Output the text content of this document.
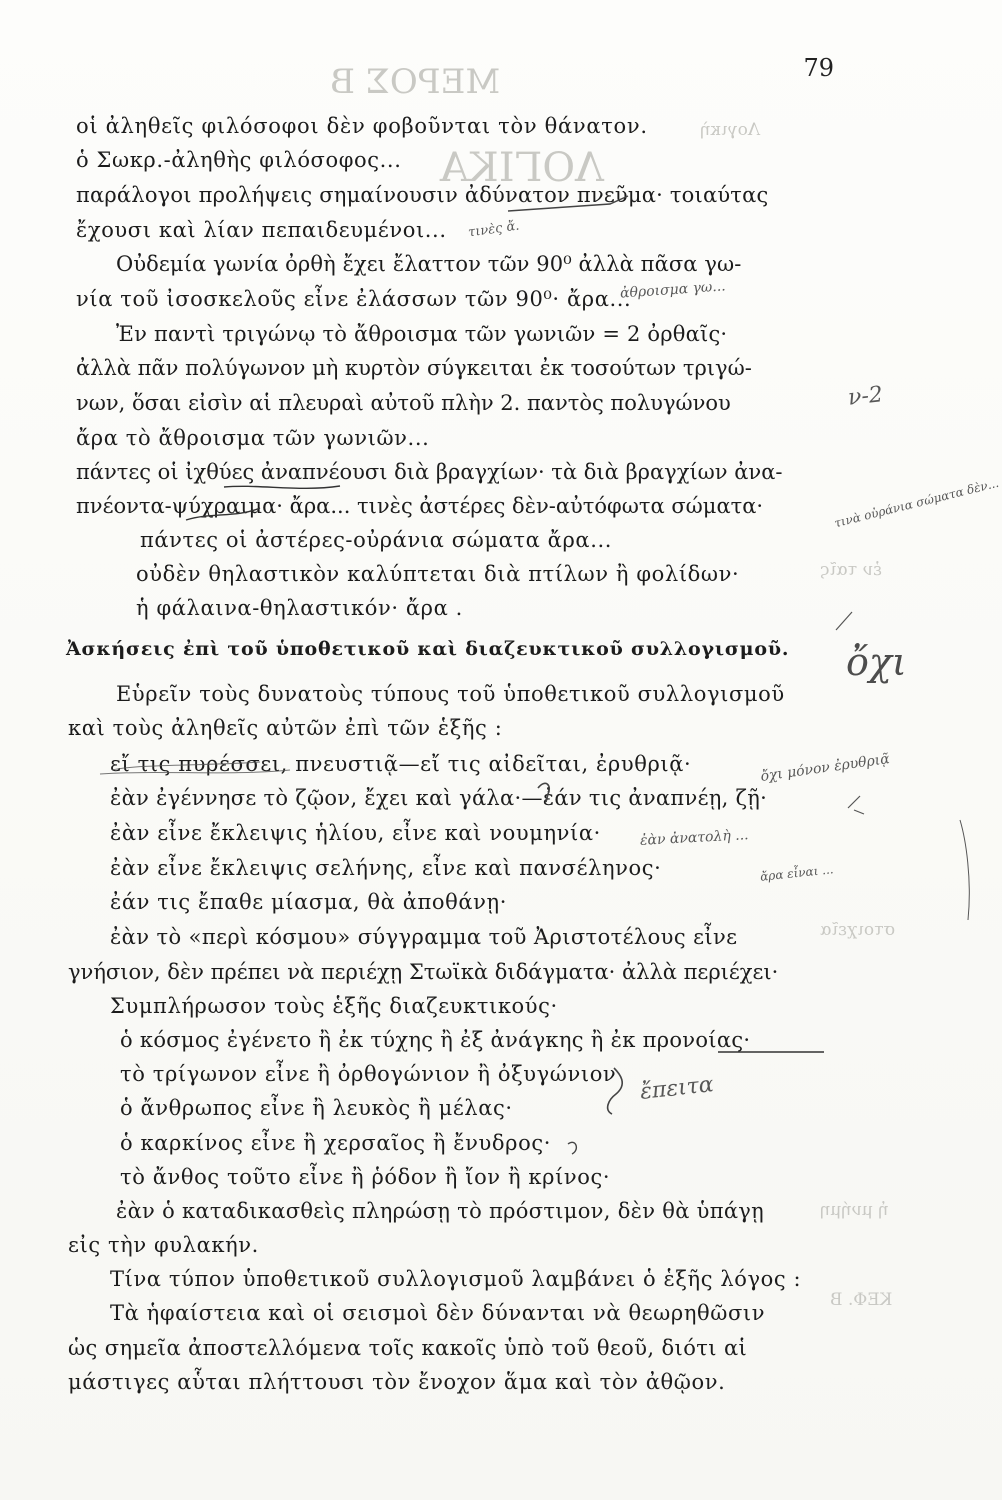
ΜΕΡΟΣ Β
ΛΟΓΙΚΑ
Λογικὴ
ἐν ταῖς
στοιχεῖα
ἡ μνήμη
ΚΕΦ. Β
79
οἱ ἀληθεῖς φιλόσοφοι δὲν φοβοῦνται τὸν θάνατον.
ὁ Σωκρ.-ἀληθὴς φιλόσοφος...
παράλογοι προλήψεις σημαίνουσιν ἀδύνατον πνεῦμα· τοιαύτας
ἔχουσι καὶ λίαν πεπαιδευμένοι...
Οὐδεμία γωνία ὀρθὴ ἔχει ἔλαττον τῶν 90⁰ ἀλλὰ πᾶσα γω-
νία τοῦ ἰσοσκελοῦς εἶνε ἐλάσσων τῶν 90⁰· ἄρα...
Ἐν παντὶ τριγώνῳ τὸ ἄθροισμα τῶν γωνιῶν = 2 ὀρθαῖς·
ἀλλὰ πᾶν πολύγωνον μὴ κυρτὸν σύγκειται ἐκ τοσούτων τριγώ-
νων, ὅσαι εἰσὶν αἱ πλευραὶ αὐτοῦ πλὴν 2. παντὸς πολυγώνου
ἄρα τὸ ἄθροισμα τῶν γωνιῶν...
πάντες οἱ ἰχθύες ἀναπνέουσι διὰ βραγχίων· τὰ διὰ βραγχίων ἀνα-
πνέοντα-ψύχραιμα· ἄρα... τινὲς ἀστέρες δὲν-αὐτόφωτα σώματα·
πάντες οἱ ἀστέρες-οὐράνια σώματα ἄρα...
οὐδὲν θηλαστικὸν καλύπτεται διὰ πτίλων ἢ φολίδων·
ἡ φάλαινα-θηλαστικόν· ἄρα .
Ἀσκήσεις ἐπὶ τοῦ ὑποθετικοῦ καὶ διαζευκτικοῦ συλλογισμοῦ.
Εὑρεῖν τοὺς δυνατοὺς τύπους τοῦ ὑποθετικοῦ συλλογισμοῦ
καὶ τοὺς ἀληθεῖς αὐτῶν ἐπὶ τῶν ἑξῆς :
εἴ τις πυρέσσει, πνευστιᾷ—εἴ τις αἰδεῖται, ἐρυθριᾷ·
ἐὰν ἐγέννησε τὸ ζῷον, ἔχει καὶ γάλα·—ἐάν τις ἀναπνέῃ, ζῇ·
ἐὰν εἶνε ἔκλειψις ἡλίου, εἶνε καὶ νουμηνία·
ἐὰν εἶνε ἔκλειψις σελήνης, εἶνε καὶ πανσέληνος·
ἐάν τις ἔπαθε μίασμα, θὰ ἀποθάνῃ·
ἐὰν τὸ «περὶ κόσμου» σύγγραμμα τοῦ Ἀριστοτέλους εἶνε
γνήσιον, δὲν πρέπει νὰ περιέχῃ Στωϊκὰ διδάγματα· ἀλλὰ περιέχει·
Συμπλήρωσον τοὺς ἑξῆς διαζευκτικούς·
ὁ κόσμος ἐγένετο ἢ ἐκ τύχης ἢ ἐξ ἀνάγκης ἢ ἐκ προνοίας·
τὸ τρίγωνον εἶνε ἢ ὀρθογώνιον ἢ ὀξυγώνιον
ὁ ἄνθρωπος εἶνε ἢ λευκὸς ἢ μέλας·
ὁ καρκίνος εἶνε ἢ χερσαῖος ἢ ἔνυδρος·
τὸ ἄνθος τοῦτο εἶνε ἢ ῥόδον ἢ ἴον ἢ κρίνος·
ἐὰν ὁ καταδικασθεὶς πληρώσῃ τὸ πρόστιμον, δὲν θὰ ὑπάγῃ
εἰς τὴν φυλακήν.
Τίνα τύπον ὑποθετικοῦ συλλογισμοῦ λαμβάνει ὁ ἑξῆς λόγος :
Τὰ ἡφαίστεια καὶ οἱ σεισμοὶ δὲν δύνανται νὰ θεωρηθῶσιν
ὡς σημεῖα ἀποστελλόμενα τοῖς κακοῖς ὑπὸ τοῦ θεοῦ, διότι αἱ
μάστιγες αὗται πλήττουσι τὸν ἔνοχον ἅμα καὶ τὸν ἀθῷον.
τινὲς ἄ.
ἀθροισμα γω...
ν-2
τινὰ οὐράνια σώματα δὲν...
ὄχι
ὄχι μόνον ἐρυθριᾷ
ἐὰν ἀνατολὴ ...
ἄρα εἶναι ...
ἔπειτα
